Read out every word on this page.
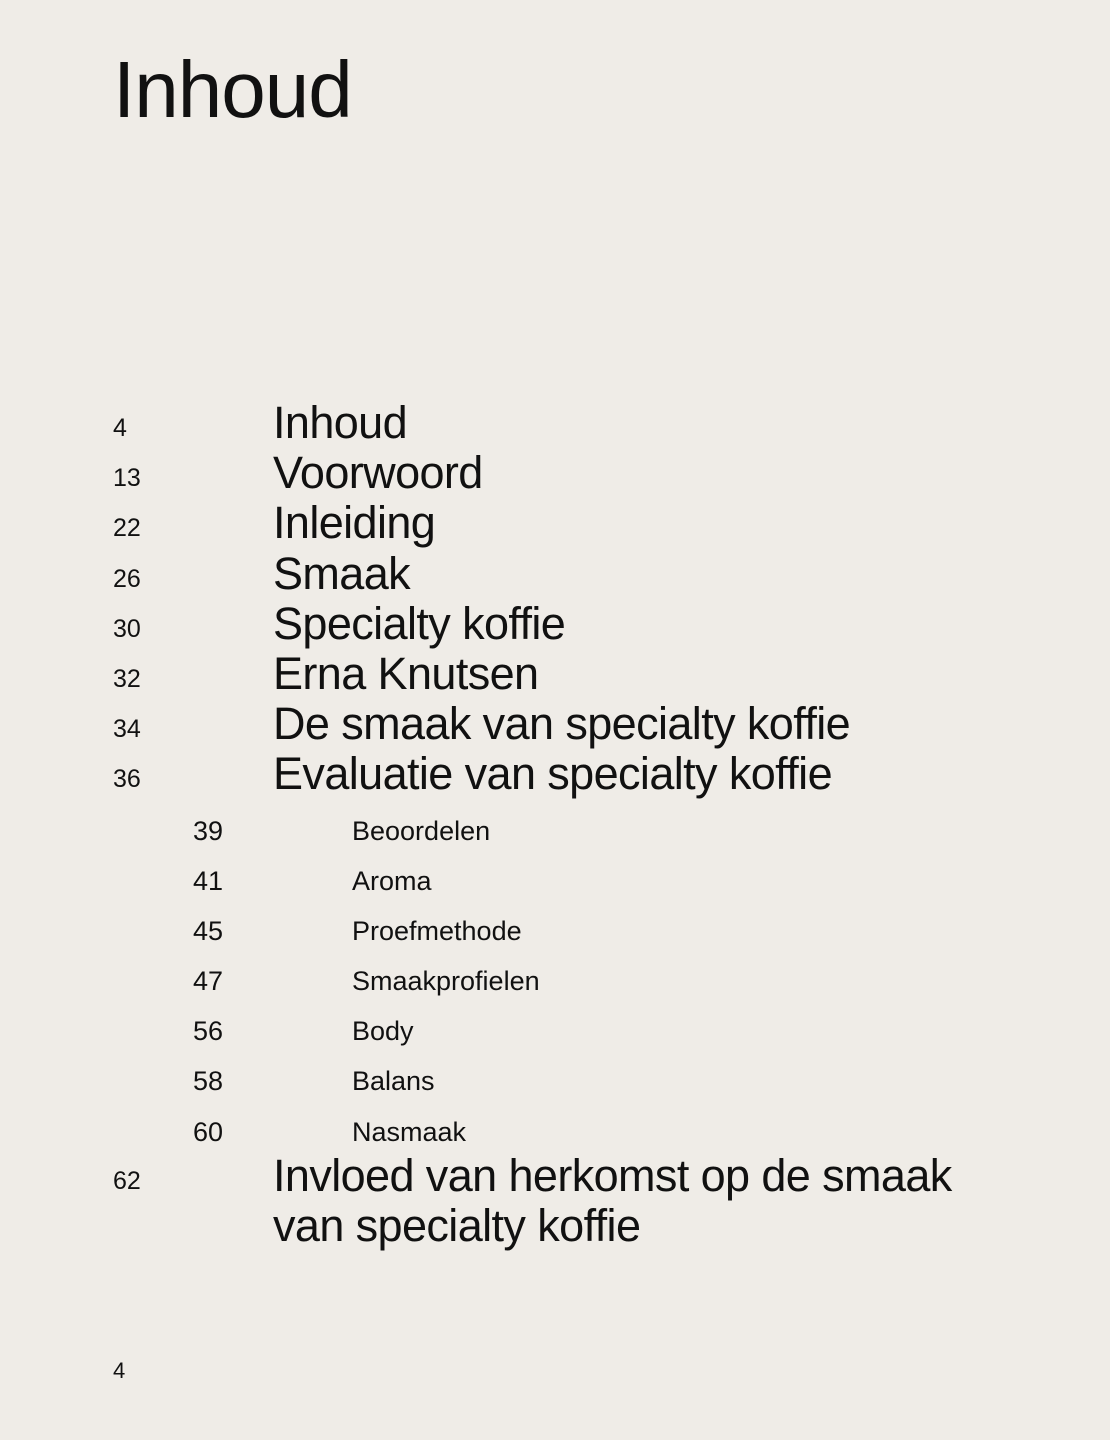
Inhoud
4	Inhoud
13	Voorwoord
22	Inleiding
26	Smaak
30	Specialty koffie
32	Erna Knutsen
34	De smaak van specialty koffie
36	Evaluatie van specialty koffie
39	Beoordelen
41	Aroma
45	Proefmethode
47	Smaakprofielen
56	Body
58	Balans
60	Nasmaak
62	Invloed van herkomst op de smaak van specialty koffie
4
